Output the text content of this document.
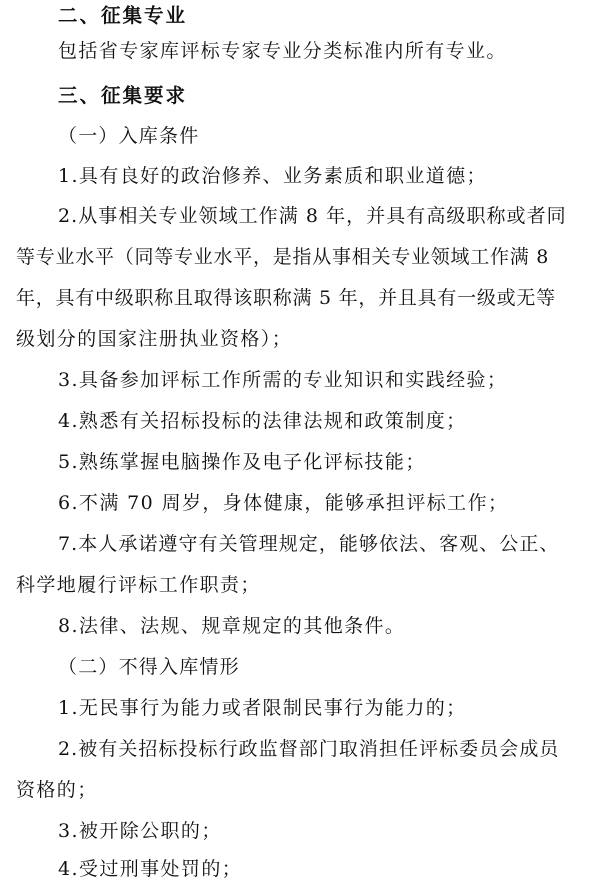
二、征集专业
包括省专家库评标专家专业分类标准内所有专业。
三、征集要求
（一）入库条件
1.具有良好的政治修养、业务素质和职业道德；
2.从事相关专业领域工作满 8 年，并具有高级职称或者同
等专业水平（同等专业水平，是指从事相关专业领域工作满 8
年，具有中级职称且取得该职称满 5 年，并且具有一级或无等
级划分的国家注册执业资格）；
3.具备参加评标工作所需的专业知识和实践经验；
4.熟悉有关招标投标的法律法规和政策制度；
5.熟练掌握电脑操作及电子化评标技能；
6.不满 70 周岁，身体健康，能够承担评标工作；
7.本人承诺遵守有关管理规定，能够依法、客观、公正、
科学地履行评标工作职责；
8.法律、法规、规章规定的其他条件。
（二）不得入库情形
1.无民事行为能力或者限制民事行为能力的；
2.被有关招标投标行政监督部门取消担任评标委员会成员
资格的；
3.被开除公职的；
4.受过刑事处罚的；
